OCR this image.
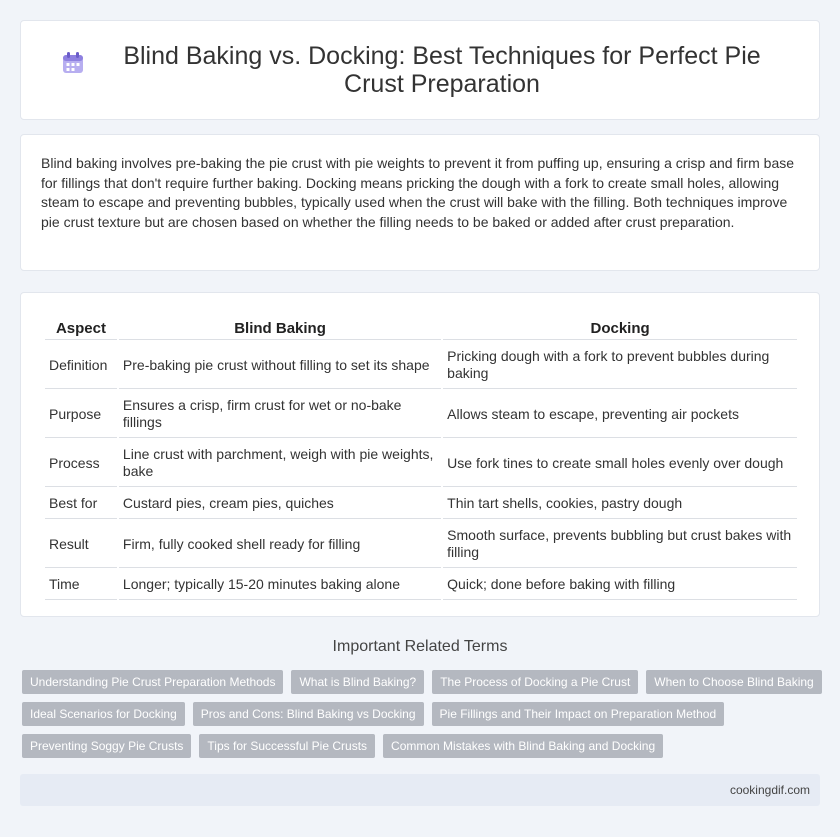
Blind Baking vs. Docking: Best Techniques for Perfect Pie Crust Preparation

Blind baking involves pre-baking the pie crust with pie weights to prevent it from puffing up, ensuring a crisp and firm base for fillings that don't require further baking. Docking means pricking the dough with a fork to create small holes, allowing steam to escape and preventing bubbles, typically used when the crust will bake with the filling. Both techniques improve pie crust texture but are chosen based on whether the filling needs to be baked or added after crust preparation.

Aspect	Blind Baking	Docking
Definition	Pre-baking pie crust without filling to set its shape	Pricking dough with a fork to prevent bubbles during baking
Purpose	Ensures a crisp, firm crust for wet or no-bake fillings	Allows steam to escape, preventing air pockets
Process	Line crust with parchment, weigh with pie weights, bake	Use fork tines to create small holes evenly over dough
Best for	Custard pies, cream pies, quiches	Thin tart shells, cookies, pastry dough
Result	Firm, fully cooked shell ready for filling	Smooth surface, prevents bubbling but crust bakes with filling
Time	Longer; typically 15-20 minutes baking alone	Quick; done before baking with filling
Important Related Terms
Understanding Pie Crust Preparation Methods	What is Blind Baking?	The Process of Docking a Pie Crust	When to Choose Blind Baking
Ideal Scenarios for Docking	Pros and Cons: Blind Baking vs Docking	Pie Fillings and Their Impact on Preparation Method
Preventing Soggy Pie Crusts	Tips for Successful Pie Crusts	Common Mistakes with Blind Baking and Docking
cookingdif.com
